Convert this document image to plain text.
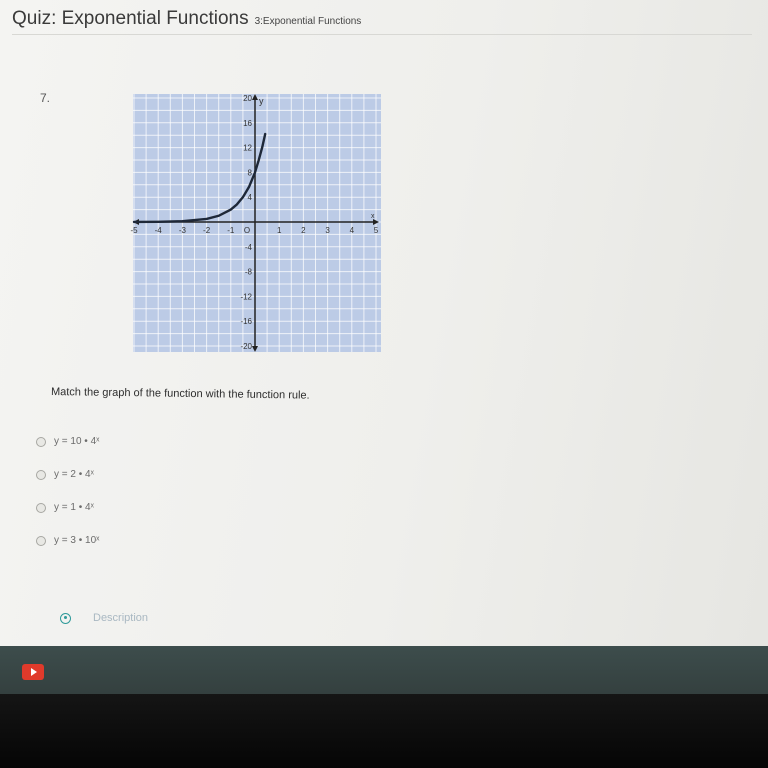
Quiz: Exponential Functions 3:Exponential Functions
7.
-5 -4 -3 -2 -1 O	1 2 3 4 5
4
8
12
16
20
-4
-8
-12
-16
-20
x
y
Match the graph of the function with the function rule.
y = 10 • 4ˣ
y = 2 • 4ˣ
y = 1 • 4ˣ
y = 3 • 10ˣ
Description
